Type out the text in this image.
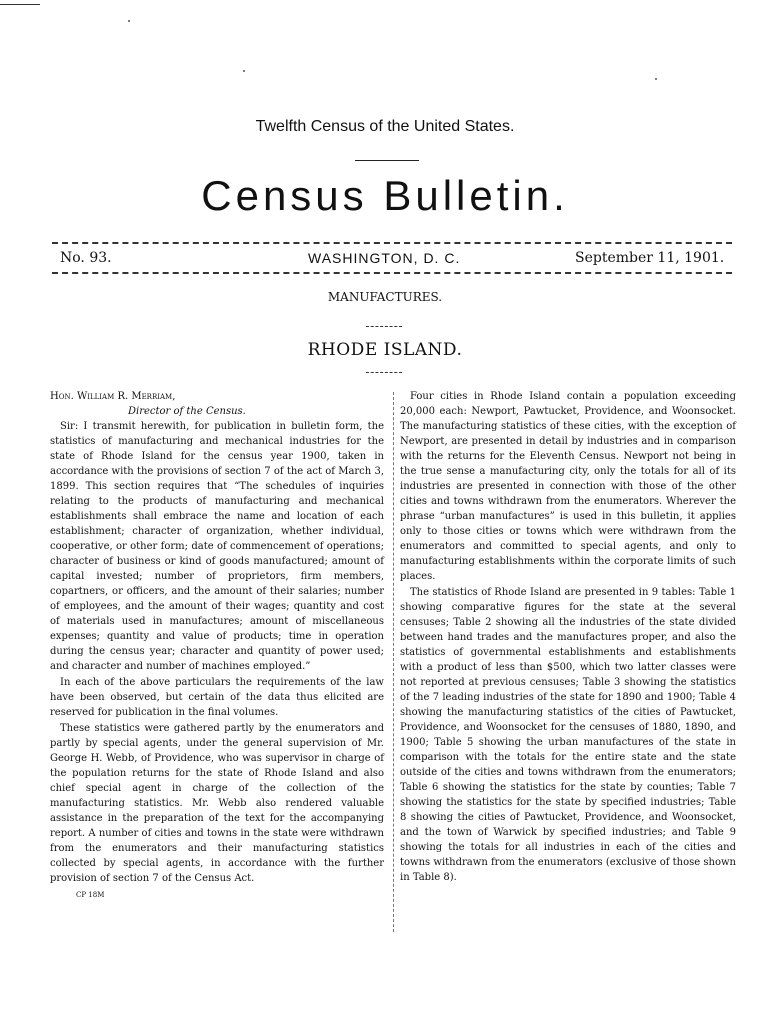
Twelfth Census of the United States.
Census Bulletin.
No. 93.	WASHINGTON, D. C.	September 11, 1901.
MANUFACTURES.
RHODE ISLAND.
Hon. William R. Merriam,
Director of the Census.

Sir: I transmit herewith, for publication in bulletin form, the statistics of manufacturing and mechanical industries for the state of Rhode Island for the census year 1900, taken in accordance with the provisions of section 7 of the act of March 3, 1899. This section requires that “The schedules of inquiries relating to the products of manufacturing and mechanical establishments shall embrace the name and location of each establishment; character of organization, whether individual, cooperative, or other form; date of commencement of operations; character of business or kind of goods manufactured; amount of capital invested; number of proprietors, firm members, copartners, or officers, and the amount of their salaries; number of employees, and the amount of their wages; quantity and cost of materials used in manufactures; amount of miscellaneous expenses; quantity and value of products; time in operation during the census year; character and quantity of power used; and character and number of machines employed.”

In each of the above particulars the requirements of the law have been observed, but certain of the data thus elicited are reserved for publication in the final volumes.

These statistics were gathered partly by the enumerators and partly by special agents, under the general supervision of Mr. George H. Webb, of Providence, who was supervisor in charge of the population returns for the state of Rhode Island and also chief special agent in charge of the collection of the manufacturing statistics. Mr. Webb also rendered valuable assistance in the preparation of the text for the accompanying report. A number of cities and towns in the state were withdrawn from the enumerators and their manufacturing statistics collected by special agents, in accordance with the further provision of section 7 of the Census Act.

CP 18M

Four cities in Rhode Island contain a population exceeding 20,000 each: Newport, Pawtucket, Providence, and Woonsocket. The manufacturing statistics of these cities, with the exception of Newport, are presented in detail by industries and in comparison with the returns for the Eleventh Census. Newport not being in the true sense a manufacturing city, only the totals for all of its industries are presented in connection with those of the other cities and towns withdrawn from the enumerators. Wherever the phrase “urban manufactures” is used in this bulletin, it applies only to those cities or towns which were withdrawn from the enumerators and committed to special agents, and only to manufacturing establishments within the corporate limits of such places.

The statistics of Rhode Island are presented in 9 tables: Table 1 showing comparative figures for the state at the several censuses; Table 2 showing all the industries of the state divided between hand trades and the manufactures proper, and also the statistics of governmental establishments and establishments with a product of less than $500, which two latter classes were not reported at previous censuses; Table 3 showing the statistics of the 7 leading industries of the state for 1890 and 1900; Table 4 showing the manufacturing statistics of the cities of Pawtucket, Providence, and Woonsocket for the censuses of 1880, 1890, and 1900; Table 5 showing the urban manufactures of the state in comparison with the totals for the entire state and the state outside of the cities and towns withdrawn from the enumerators; Table 6 showing the statistics for the state by counties; Table 7 showing the statistics for the state by specified industries; Table 8 showing the cities of Pawtucket, Providence, and Woonsocket, and the town of Warwick by specified industries; and Table 9 showing the totals for all industries in each of the cities and towns withdrawn from the enumerators (exclusive of those shown in Table 8).
